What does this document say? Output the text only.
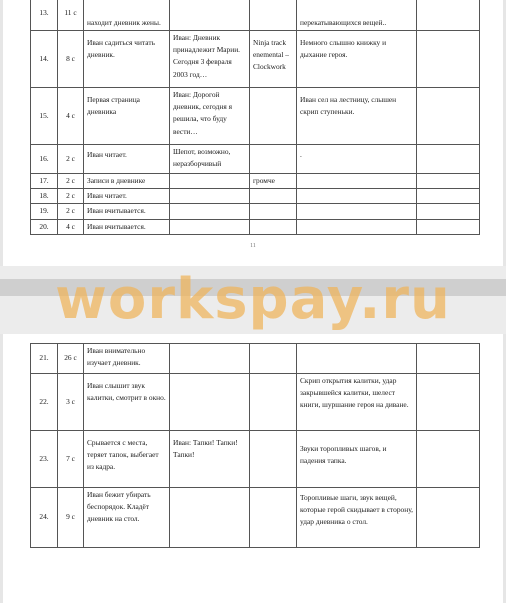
13.	11 с	находит дневник жены.			перекатывающихся вещей..	
14.	8 с	Иван садиться читать дневник.	Иван: Дневник принадлежит Марии. Сегодня 3 февраля 2003 год…	Ninja track enemental – Clockwork	Немного слышно книжку и дыхание героя.	
15.	4 с	Первая страница дневника	Иван: Дорогой дневник, сегодня я решила, что буду вести…		Иван сел на лестницу, слышен скрип ступеньки.	
16.	2 с	Иван читает.	Шепот, возможно, неразборчивый		.	
17.	2 с	Записи в дневнике		громче		
18.	2 с	Иван читает.				
19.	2 с	Иван вчитывается.				
20.	4 с	Иван вчитывается.				
11
workspay.ru
21.	26 с	Иван внимательно изучает дневник.				
22.	3 с	Иван слышит звук калитки, смотрит в окно.			Скрип открытия калитки, удар закрывшейся калитки, шелест книги, шуршание героя на диване.	
23.	7 с	Срывается с места, теряет тапок, выбегает из кадра.	Иван: Тапки! Тапки! Тапки!		Звуки торопливых шагов, и падения тапка.	
24.	9 с	Иван бежит убирать беспорядок. Кладёт дневник на стол.			Торопливые шаги, звук вещей, которые герой скидывает в сторону, удар дневника о стол.	
